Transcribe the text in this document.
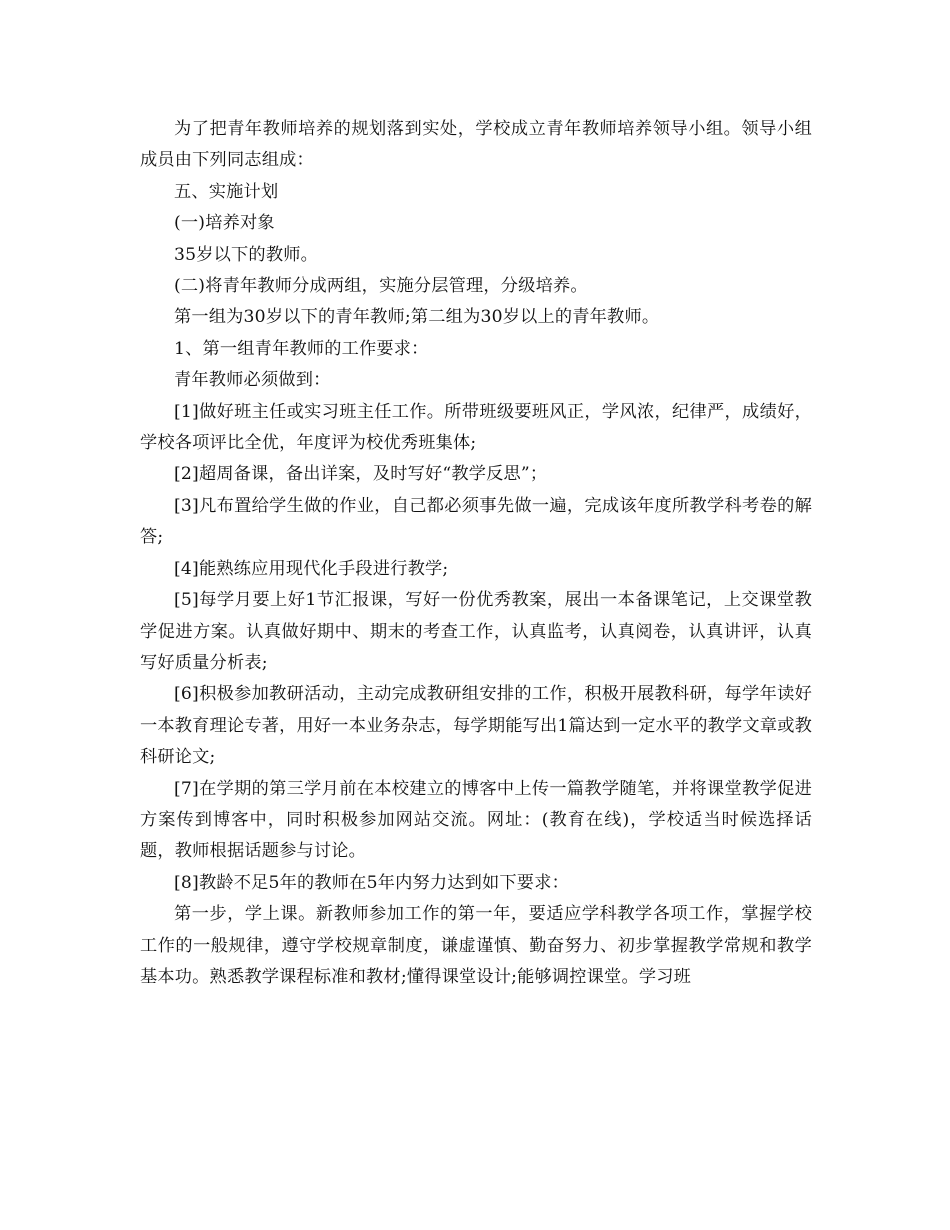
为了把青年教师培养的规划落到实处，学校成立青年教师培养领导小组。领导小组成员由下列同志组成：

五、实施计划

(一)培养对象

35岁以下的教师。

(二)将青年教师分成两组，实施分层管理，分级培养。

第一组为30岁以下的青年教师;第二组为30岁以上的青年教师。

1、第一组青年教师的工作要求：

青年教师必须做到：

[1]做好班主任或实习班主任工作。所带班级要班风正，学风浓，纪律严，成绩好，学校各项评比全优，年度评为校优秀班集体;

[2]超周备课，备出详案，及时写好“教学反思”；

[3]凡布置给学生做的作业，自己都必须事先做一遍，完成该年度所教学科考卷的解答;

[4]能熟练应用现代化手段进行教学;

[5]每学月要上好1节汇报课，写好一份优秀教案，展出一本备课笔记，上交课堂教学促进方案。认真做好期中、期末的考查工作，认真监考，认真阅卷，认真讲评，认真写好质量分析表;

[6]积极参加教研活动，主动完成教研组安排的工作，积极开展教科研，每学年读好一本教育理论专著，用好一本业务杂志，每学期能写出1篇达到一定水平的教学文章或教科研论文;

[7]在学期的第三学月前在本校建立的博客中上传一篇教学随笔，并将课堂教学促进方案传到博客中，同时积极参加网站交流。网址：(教育在线)，学校适当时候选择话题，教师根据话题参与讨论。

[8]教龄不足5年的教师在5年内努力达到如下要求：

第一步，学上课。新教师参加工作的第一年，要适应学科教学各项工作，掌握学校工作的一般规律，遵守学校规章制度，谦虚谨慎、勤奋努力、初步掌握教学常规和教学基本功。熟悉教学课程标准和教材;懂得课堂设计;能够调控课堂。学习班
